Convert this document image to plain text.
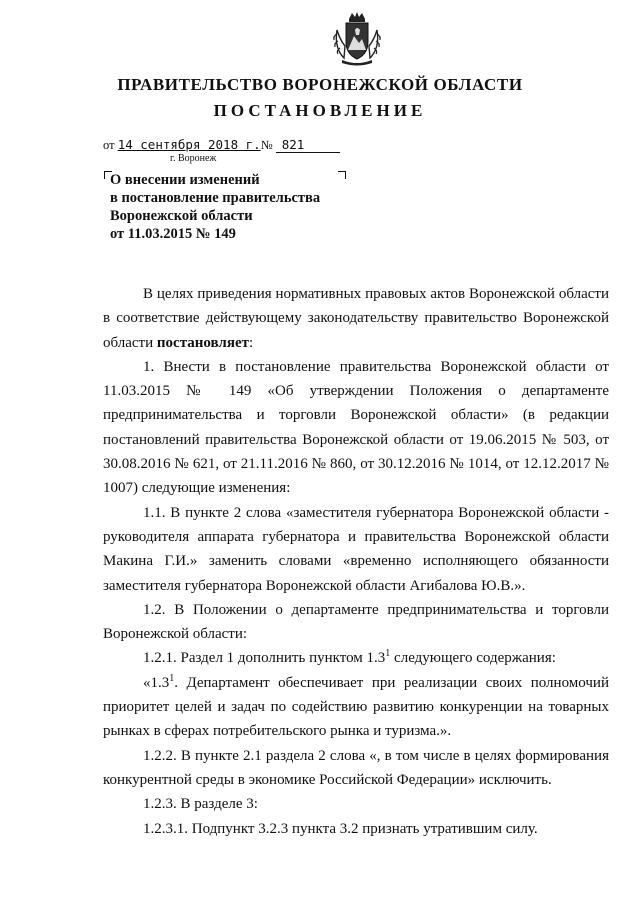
ПРАВИТЕЛЬСТВО ВОРОНЕЖСКОЙ ОБЛАСТИ
ПОСТАНОВЛЕНИЕ
от 14 сентября 2018 г.№ 821
г. Воронеж
О внесении изменений
в постановление правительства
Воронежской области
от 11.03.2015 № 149

В целях приведения нормативных правовых актов Воронежской области в соответствие действующему законодательству правительство Воронежской области постановляет:

1. Внести в постановление правительства Воронежской области от 11.03.2015 № 149 «Об утверждении Положения о департаменте предпринимательства и торговли Воронежской области» (в редакции постановлений правительства Воронежской области от 19.06.2015 № 503, от 30.08.2016 № 621, от 21.11.2016 № 860, от 30.12.2016 № 1014, от 12.12.2017 № 1007) следующие изменения:

1.1. В пункте 2 слова «заместителя губернатора Воронежской области - руководителя аппарата губернатора и правительства Воронежской области Макина Г.И.» заменить словами «временно исполняющего обязанности заместителя губернатора Воронежской области Агибалова Ю.В.».

1.2. В Положении о департаменте предпринимательства и торговли Воронежской области:

1.2.1. Раздел 1 дополнить пунктом $1.3^1$ следующего содержания:

«$1.3^1$. Департамент обеспечивает при реализации своих полномочий приоритет целей и задач по содействию развитию конкуренции на товарных рынках в сферах потребительского рынка и туризма.».

1.2.2. В пункте 2.1 раздела 2 слова «, в том числе в целях формирования конкурентной среды в экономике Российской Федерации» исключить.

1.2.3. В разделе 3:

1.2.3.1. Подпункт 3.2.3 пункта 3.2 признать утратившим силу.
